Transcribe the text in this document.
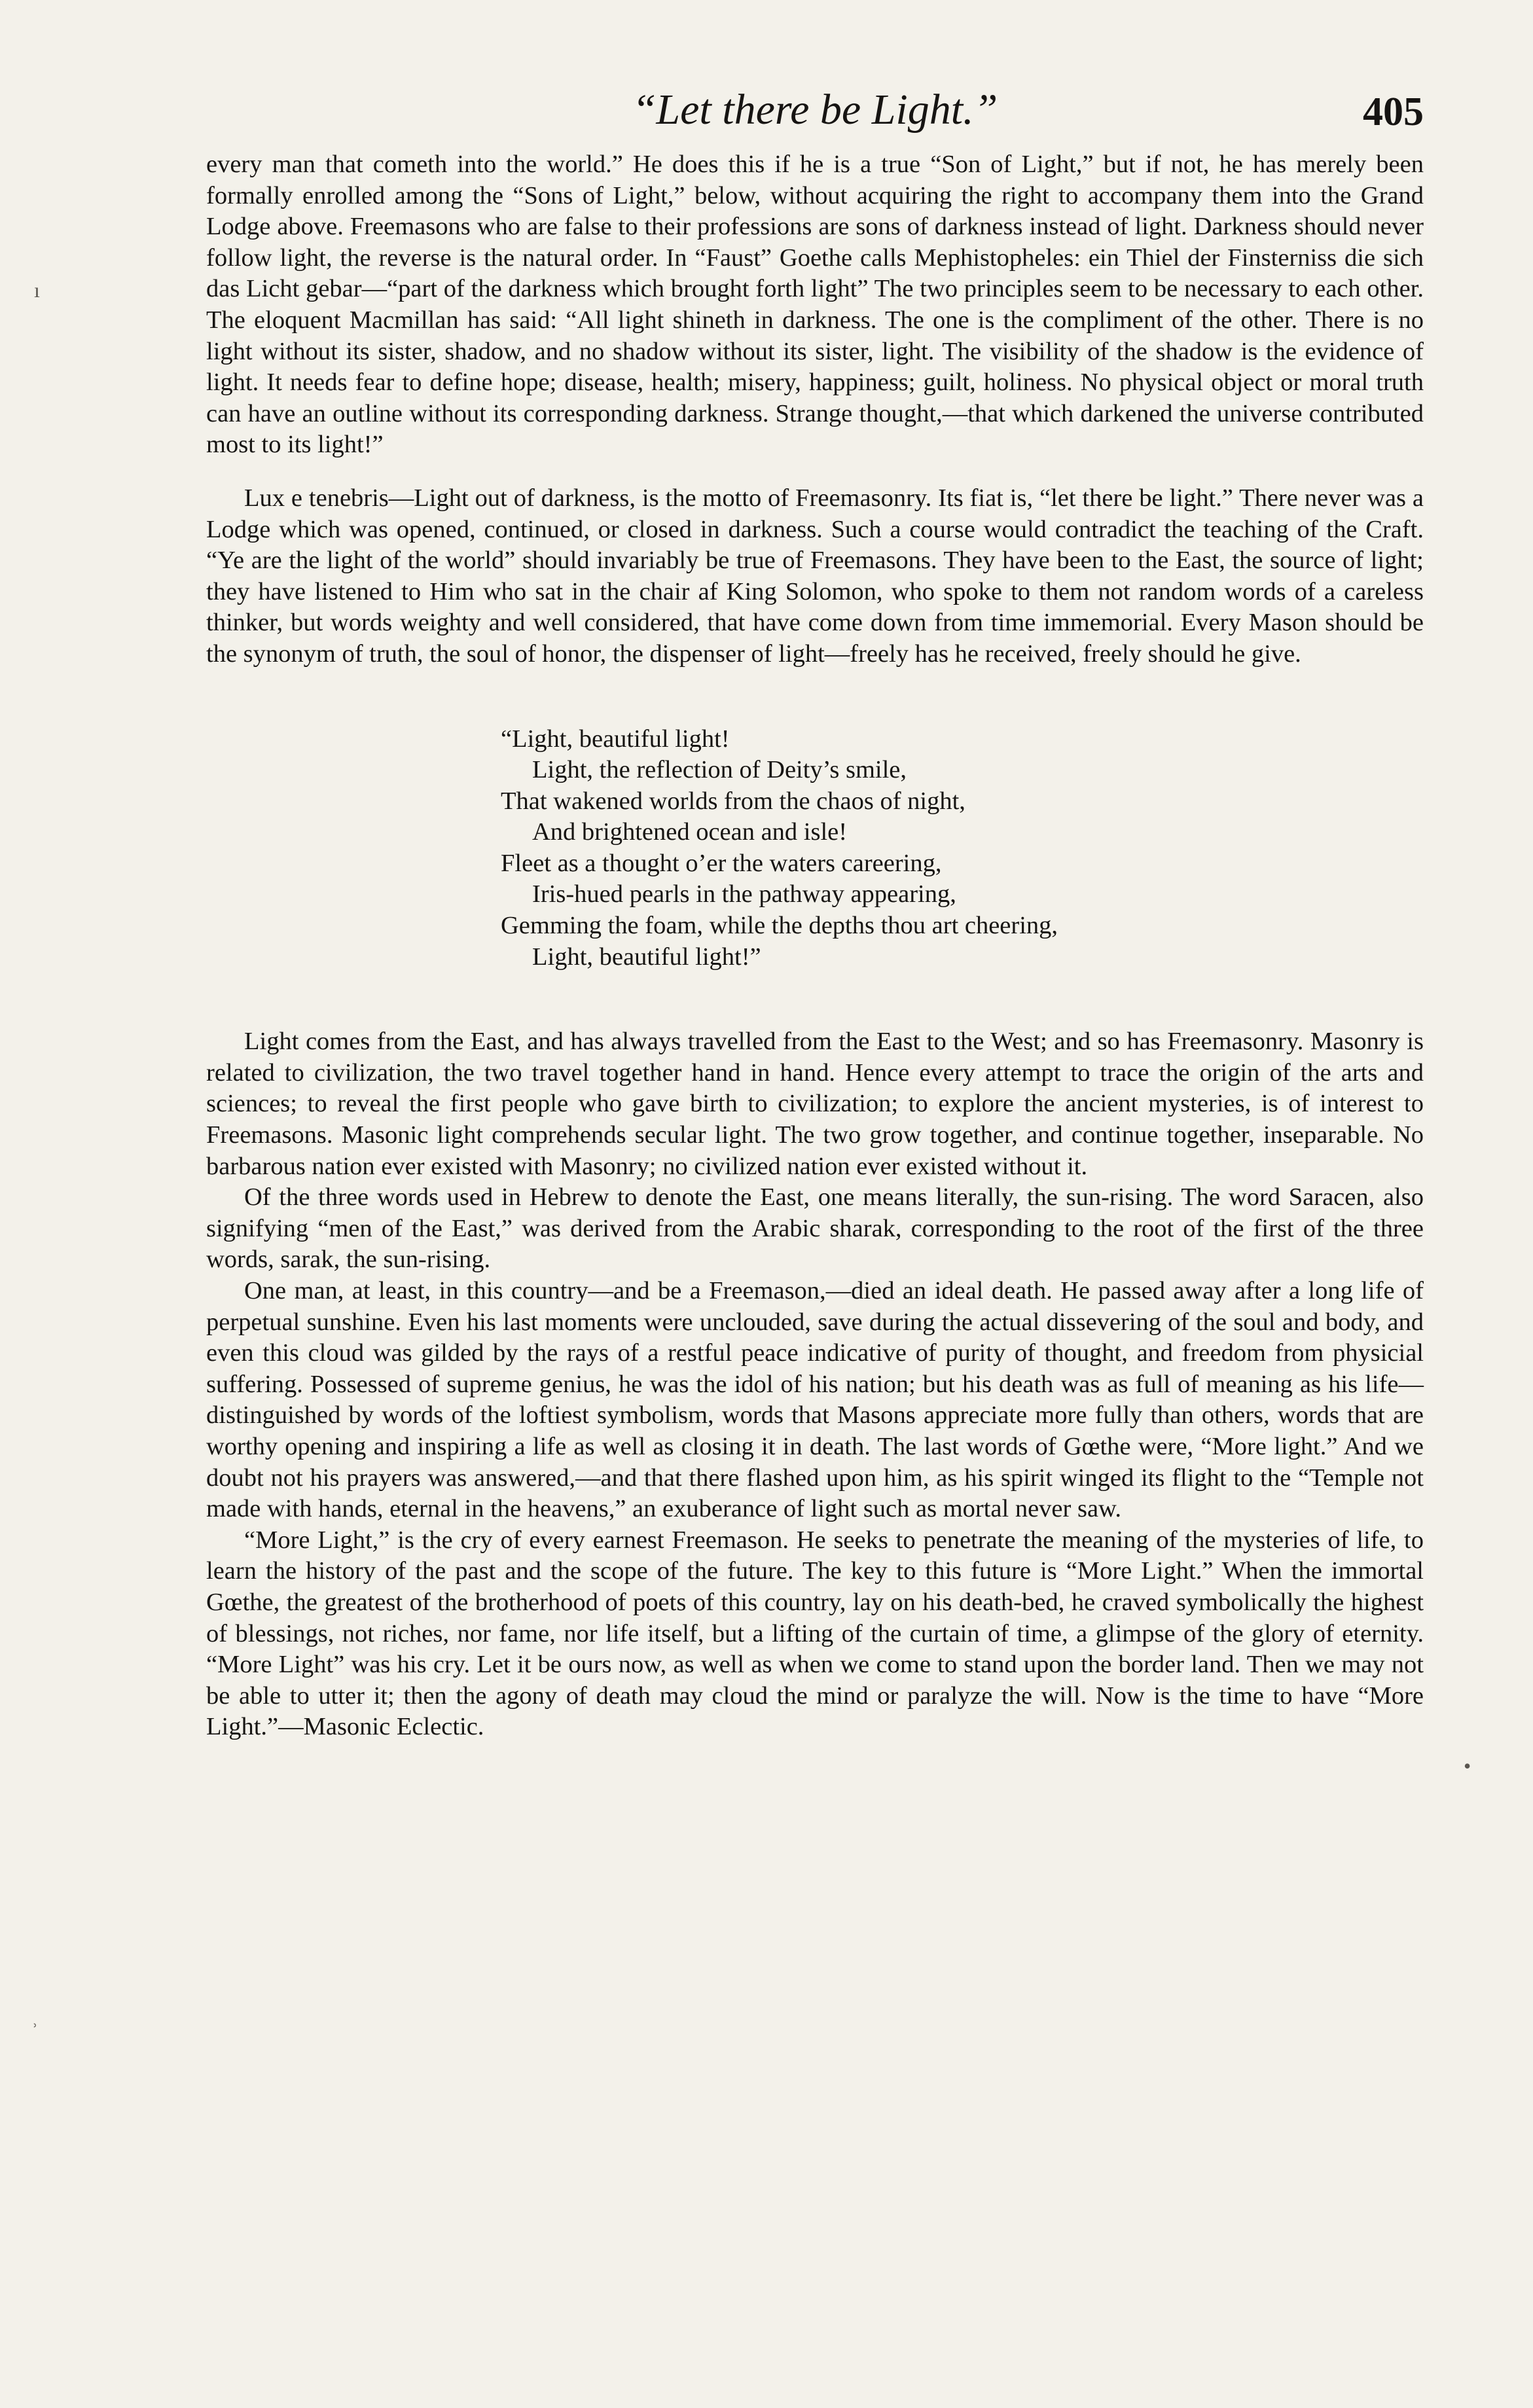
“Let there be Light.”	405
ı
•
ʾ

every man that cometh into the world.” He does this if he is a true “Son of Light,” but if not, he has merely been formally enrolled among the “Sons of Light,” below, without acquiring the right to accompany them into the Grand Lodge above. Freemasons who are false to their professions are sons of darkness instead of light. Darkness should never follow light, the reverse is the natural order. In “Faust” Goethe calls Mephistopheles: ein Thiel der Finsterniss die sich das Licht gebar—“part of the darkness which brought forth light” The two principles seem to be necessary to each other. The eloquent Macmillan has said: “All light shineth in darkness. The one is the compliment of the other. There is no light without its sister, shadow, and no shadow without its sister, light. The visibility of the shadow is the evidence of light. It needs fear to define hope; disease, health; misery, happiness; guilt, holiness. No physical object or moral truth can have an outline without its corresponding darkness. Strange thought,—that which darkened the universe contributed most to its light!”

Lux e tenebris—Light out of darkness, is the motto of Freemasonry. Its fiat is, “let there be light.” There never was a Lodge which was opened, continued, or closed in darkness. Such a course would contradict the teaching of the Craft. “Ye are the light of the world” should invariably be true of Freemasons. They have been to the East, the source of light; they have listened to Him who sat in the chair af King Solomon, who spoke to them not random words of a careless thinker, but words weighty and well considered, that have come down from time immemorial. Every Mason should be the synonym of truth, the soul of honor, the dispenser of light—freely has he received, freely should he give.

“Light, beautiful light!
Light, the reflection of Deity’s smile,
That wakened worlds from the chaos of night,
And brightened ocean and isle!
Fleet as a thought o’er the waters careering,
Iris-hued pearls in the pathway appearing,
Gemming the foam, while the depths thou art cheering,
Light, beautiful light!”

Light comes from the East, and has always travelled from the East to the West; and so has Freemasonry. Masonry is related to civilization, the two travel together hand in hand. Hence every attempt to trace the origin of the arts and sciences; to reveal the first people who gave birth to civilization; to explore the ancient mysteries, is of interest to Freemasons. Masonic light comprehends secular light. The two grow together, and continue together, inseparable. No barbarous nation ever existed with Masonry; no civilized nation ever existed without it.

Of the three words used in Hebrew to denote the East, one means literally, the sun-rising. The word Saracen, also signifying “men of the East,” was derived from the Arabic sharak, corresponding to the root of the first of the three words, sarak, the sun-rising.

One man, at least, in this country—and be a Freemason,—died an ideal death. He passed away after a long life of perpetual sunshine. Even his last moments were unclouded, save during the actual dissevering of the soul and body, and even this cloud was gilded by the rays of a restful peace indicative of purity of thought, and freedom from physicial suffering. Possessed of supreme genius, he was the idol of his nation; but his death was as full of meaning as his life—distinguished by words of the loftiest symbolism, words that Masons appreciate more fully than others, words that are worthy opening and inspiring a life as well as closing it in death. The last words of Gœthe were, “More light.” And we doubt not his prayers was answered,—and that there flashed upon him, as his spirit winged its flight to the “Temple not made with hands, eternal in the heavens,” an exuberance of light such as mortal never saw.

“More Light,” is the cry of every earnest Freemason. He seeks to penetrate the meaning of the mysteries of life, to learn the history of the past and the scope of the future. The key to this future is “More Light.” When the immortal Gœthe, the greatest of the brotherhood of poets of this country, lay on his death-bed, he craved symbolically the highest of blessings, not riches, nor fame, nor life itself, but a lifting of the curtain of time, a glimpse of the glory of eternity. “More Light” was his cry. Let it be ours now, as well as when we come to stand upon the border land. Then we may not be able to utter it; then the agony of death may cloud the mind or paralyze the will. Now is the time to have “More Light.”—Masonic Eclectic.
